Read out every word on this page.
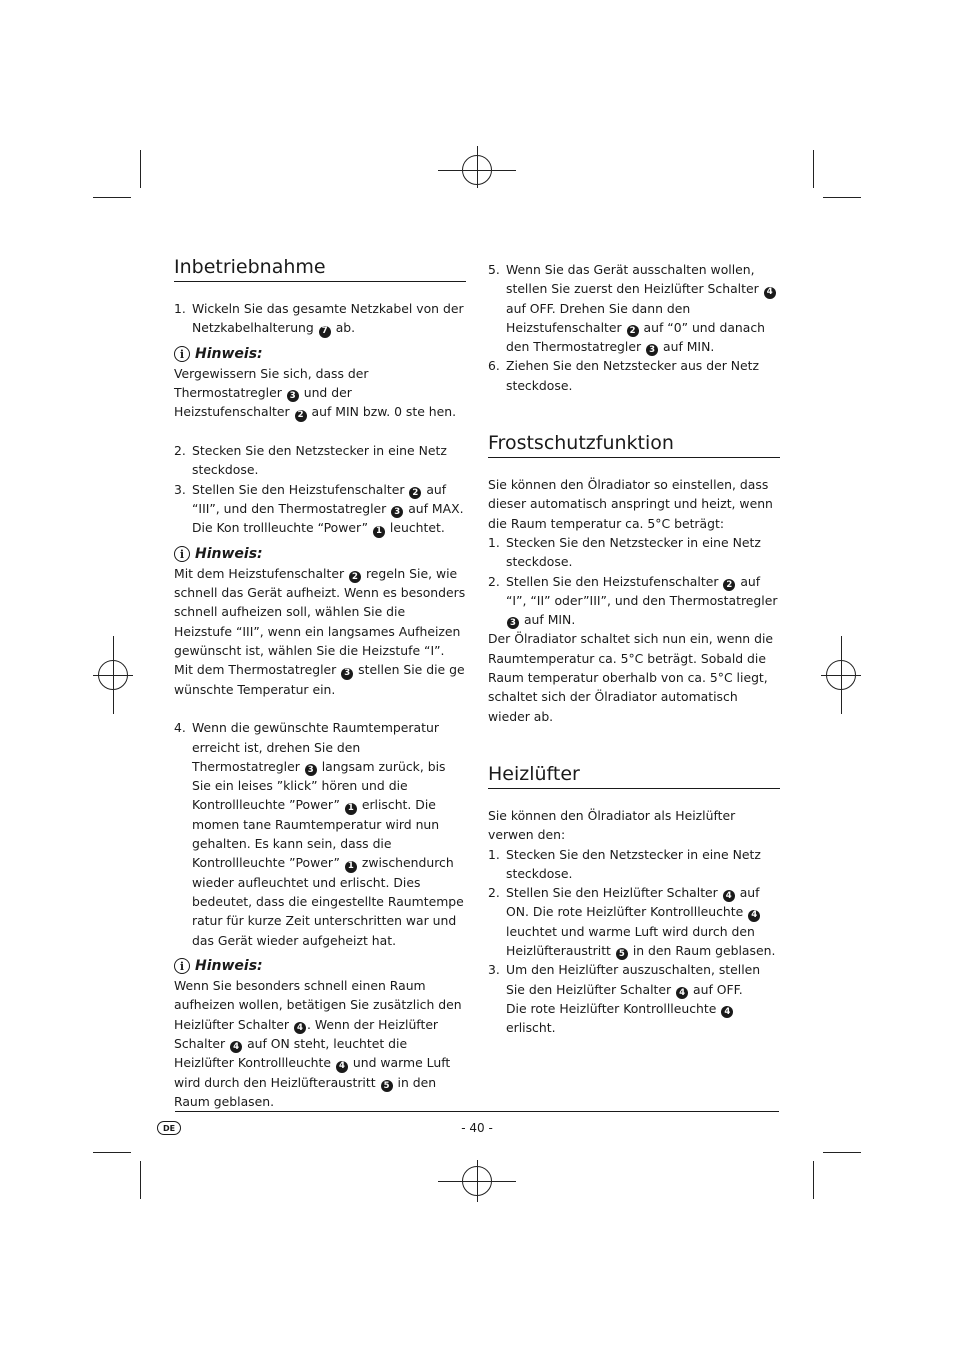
Inbetriebnahme
1. Wickeln Sie das gesamte Netzkabel von der Netzkabelhalterung 7 ab.
i Hinweis:

Vergewissern Sie sich, dass der Thermostatregler 3 und der Heizstufenschalter 2 auf MIN bzw. 0 ste hen.

2. Stecken Sie den Netzstecker in eine Netz steckdose.
3. Stellen Sie den Heizstufenschalter 2 auf “III”, und den Thermostatregler 3 auf MAX. Die Kon trollleuchte “Power” 1 leuchtet.
i Hinweis:

Mit dem Heizstufenschalter 2 regeln Sie, wie schnell das Gerät aufheizt. Wenn es besonders schnell aufheizen soll, wählen Sie die Heizstufe “III”, wenn ein langsames Aufheizen gewünscht ist, wählen Sie die Heizstufe “I”.

Mit dem Thermostatregler 3 stellen Sie die ge wünschte Temperatur ein.

4. Wenn die gewünschte Raumtemperatur erreicht ist, drehen Sie den Thermostatregler 3 langsam zurück, bis Sie ein leises ”klick” hören und die Kontrollleuchte ”Power” 1 erlischt. Die momen tane Raumtemperatur wird nun gehalten. Es kann sein, dass die Kontrollleuchte ”Power” 1 zwischendurch wieder aufleuchtet und erlischt. Dies bedeutet, dass die eingestellte Raumtempe ratur für kurze Zeit unterschritten war und das Gerät wieder aufgeheizt hat.
i Hinweis:

Wenn Sie besonders schnell einen Raum aufheizen wollen, betätigen Sie zusätzlich den Heizlüfter Schalter 4 . Wenn der Heizlüfter Schalter 4 auf ON steht, leuchtet die Heizlüfter Kontrollleuchte 4 und warme Luft wird durch den Heizlüfteraustritt 5 in den Raum geblasen.

5. Wenn Sie das Gerät ausschalten wollen, stellen Sie zuerst den Heizlüfter Schalter 4 auf OFF. Drehen Sie dann den Heizstufenschalter 2 auf “0” und danach den Thermostatregler 3 auf MIN.
6. Ziehen Sie den Netzstecker aus der Netz steckdose.
Frostschutzfunktion

Sie können den Ölradiator so einstellen, dass dieser automatisch anspringt und heizt, wenn die Raum temperatur ca. 5°C beträgt:

1. Stecken Sie den Netzstecker in eine Netz steckdose.
2. Stellen Sie den Heizstufenschalter 2 auf “I”, “II” oder”III”, und den Thermostatregler 3 auf MIN.

Der Ölradiator schaltet sich nun ein, wenn die Raumtemperatur ca. 5°C beträgt. Sobald die Raum temperatur oberhalb von ca. 5°C liegt, schaltet sich der Ölradiator automatisch wieder ab.

Heizlüfter

Sie können den Ölradiator als Heizlüfter verwen den:

1. Stecken Sie den Netzstecker in eine Netz steckdose.
2. Stellen Sie den Heizlüfter Schalter 4 auf ON. Die rote Heizlüfter Kontrollleuchte 4 leuchtet und warme Luft wird durch den Heizlüfteraustritt 5 in den Raum geblasen.
3. Um den Heizlüfter auszuschalten, stellen Sie den Heizlüfter Schalter 4 auf OFF.
Die rote Heizlüfter Kontrollleuchte 4 erlischt.
DE	- 40 -
